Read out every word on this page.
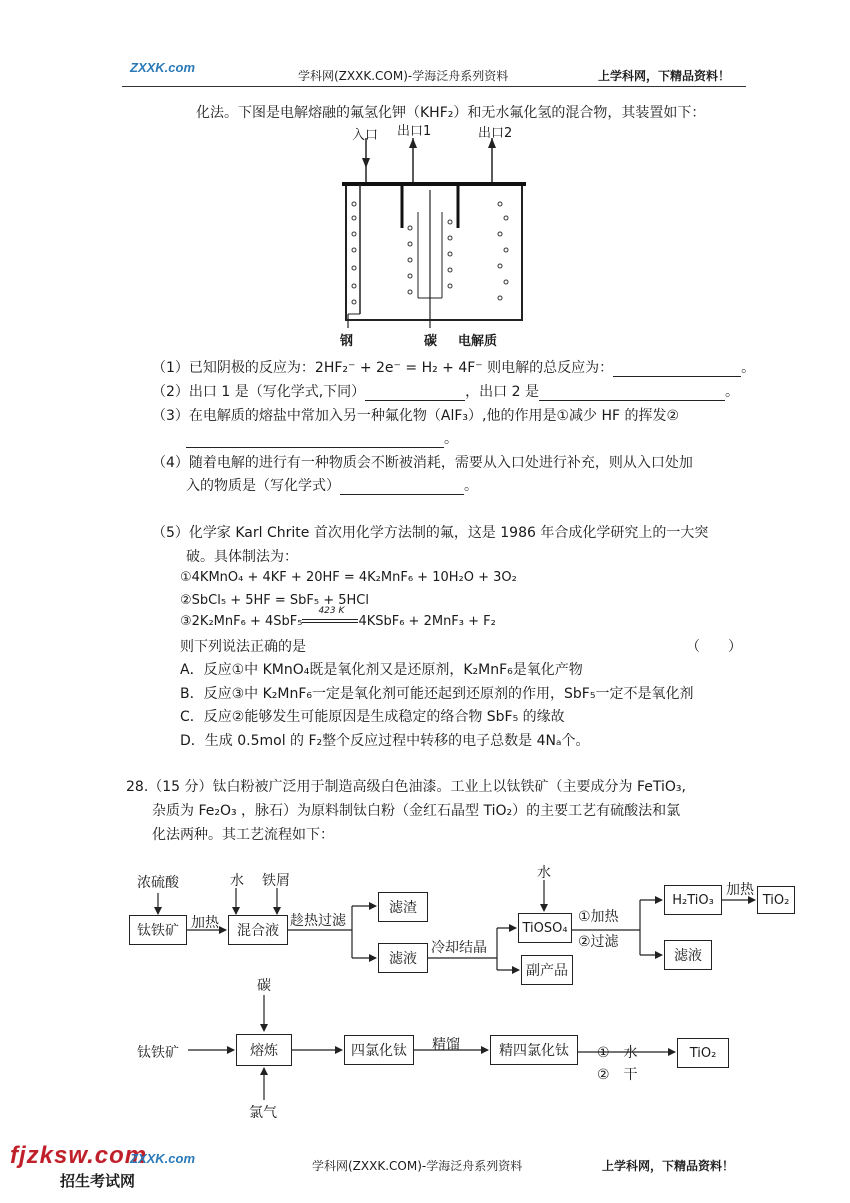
ZXXK.com
学科网(ZXXK.COM)-学海泛舟系列资料	上学科网，下精品资料！
化法。下图是电解熔融的氟氢化钾（KHF₂）和无水氟化氢的混合物，其装置如下：
入口 出口1	出口2
钢	碳 电解质
（1）已知阴极的反应为：2HF₂⁻ + 2e⁻ = H₂ + 4F⁻ 则电解的总反应为：	。
（2）出口 1 是（写化学式,下同）	，出口 2 是	。
（3）在电解质的熔盐中常加入另一种氟化物（AlF₃）,他的作用是①减少 HF 的挥发②
。
（4）随着电解的进行有一种物质会不断被消耗，需要从入口处进行补充，则从入口处加
入的物质是（写化学式）	。
（5）化学家 Karl Chrite 首次用化学方法制的氟，这是 1986 年合成化学研究上的一大突
破。具体制法为：
①4KMnO₄ + 4KF + 20HF = 4K₂MnF₆ + 10H₂O + 3O₂
②SbCl₅ + 5HF = SbF₅ + 5HCl
③2K₂MnF₆ + 4SbF₅
423 K
4KSbF₆ + 2MnF₃ + F₂
则下列说法正确的是	（　　）
A．反应①中 KMnO₄既是氧化剂又是还原剂，K₂MnF₆是氧化产物
B．反应③中 K₂MnF₆一定是氧化剂可能还起到还原剂的作用，SbF₅一定不是氧化剂
C．反应②能够发生可能原因是生成稳定的络合物 SbF₅ 的缘故
D．生成 0.5mol 的 F₂整个反应过程中转移的电子总数是 4Nₐ个。
28.（15 分）钛白粉被广泛用于制造高级白色油漆。工业上以钛铁矿（主要成分为 FeTiO₃,
杂质为 Fe₂O₃ ，脉石）为原料制钛白粉（金红石晶型 TiO₂）的主要工艺有硫酸法和氯
化法两种。其工艺流程如下：
浓硫酸	水 铁屑
钛铁矿 加热	混合液
趁热过滤
滤渣
滤液
冷却结晶
水
TiOSO₄
副产品
①加热
②过滤
H₂TiO₃
加热
TiO₂
滤液
碳
钛铁矿	熔炼	四氯化钛	精馏	精四氯化钛	①　水
②　干
TiO₂
氯气
fjzksw.com
招生考试网
ZXXK.com	学科网(ZXXK.COM)-学海泛舟系列资料	上学科网，下精品资料！
